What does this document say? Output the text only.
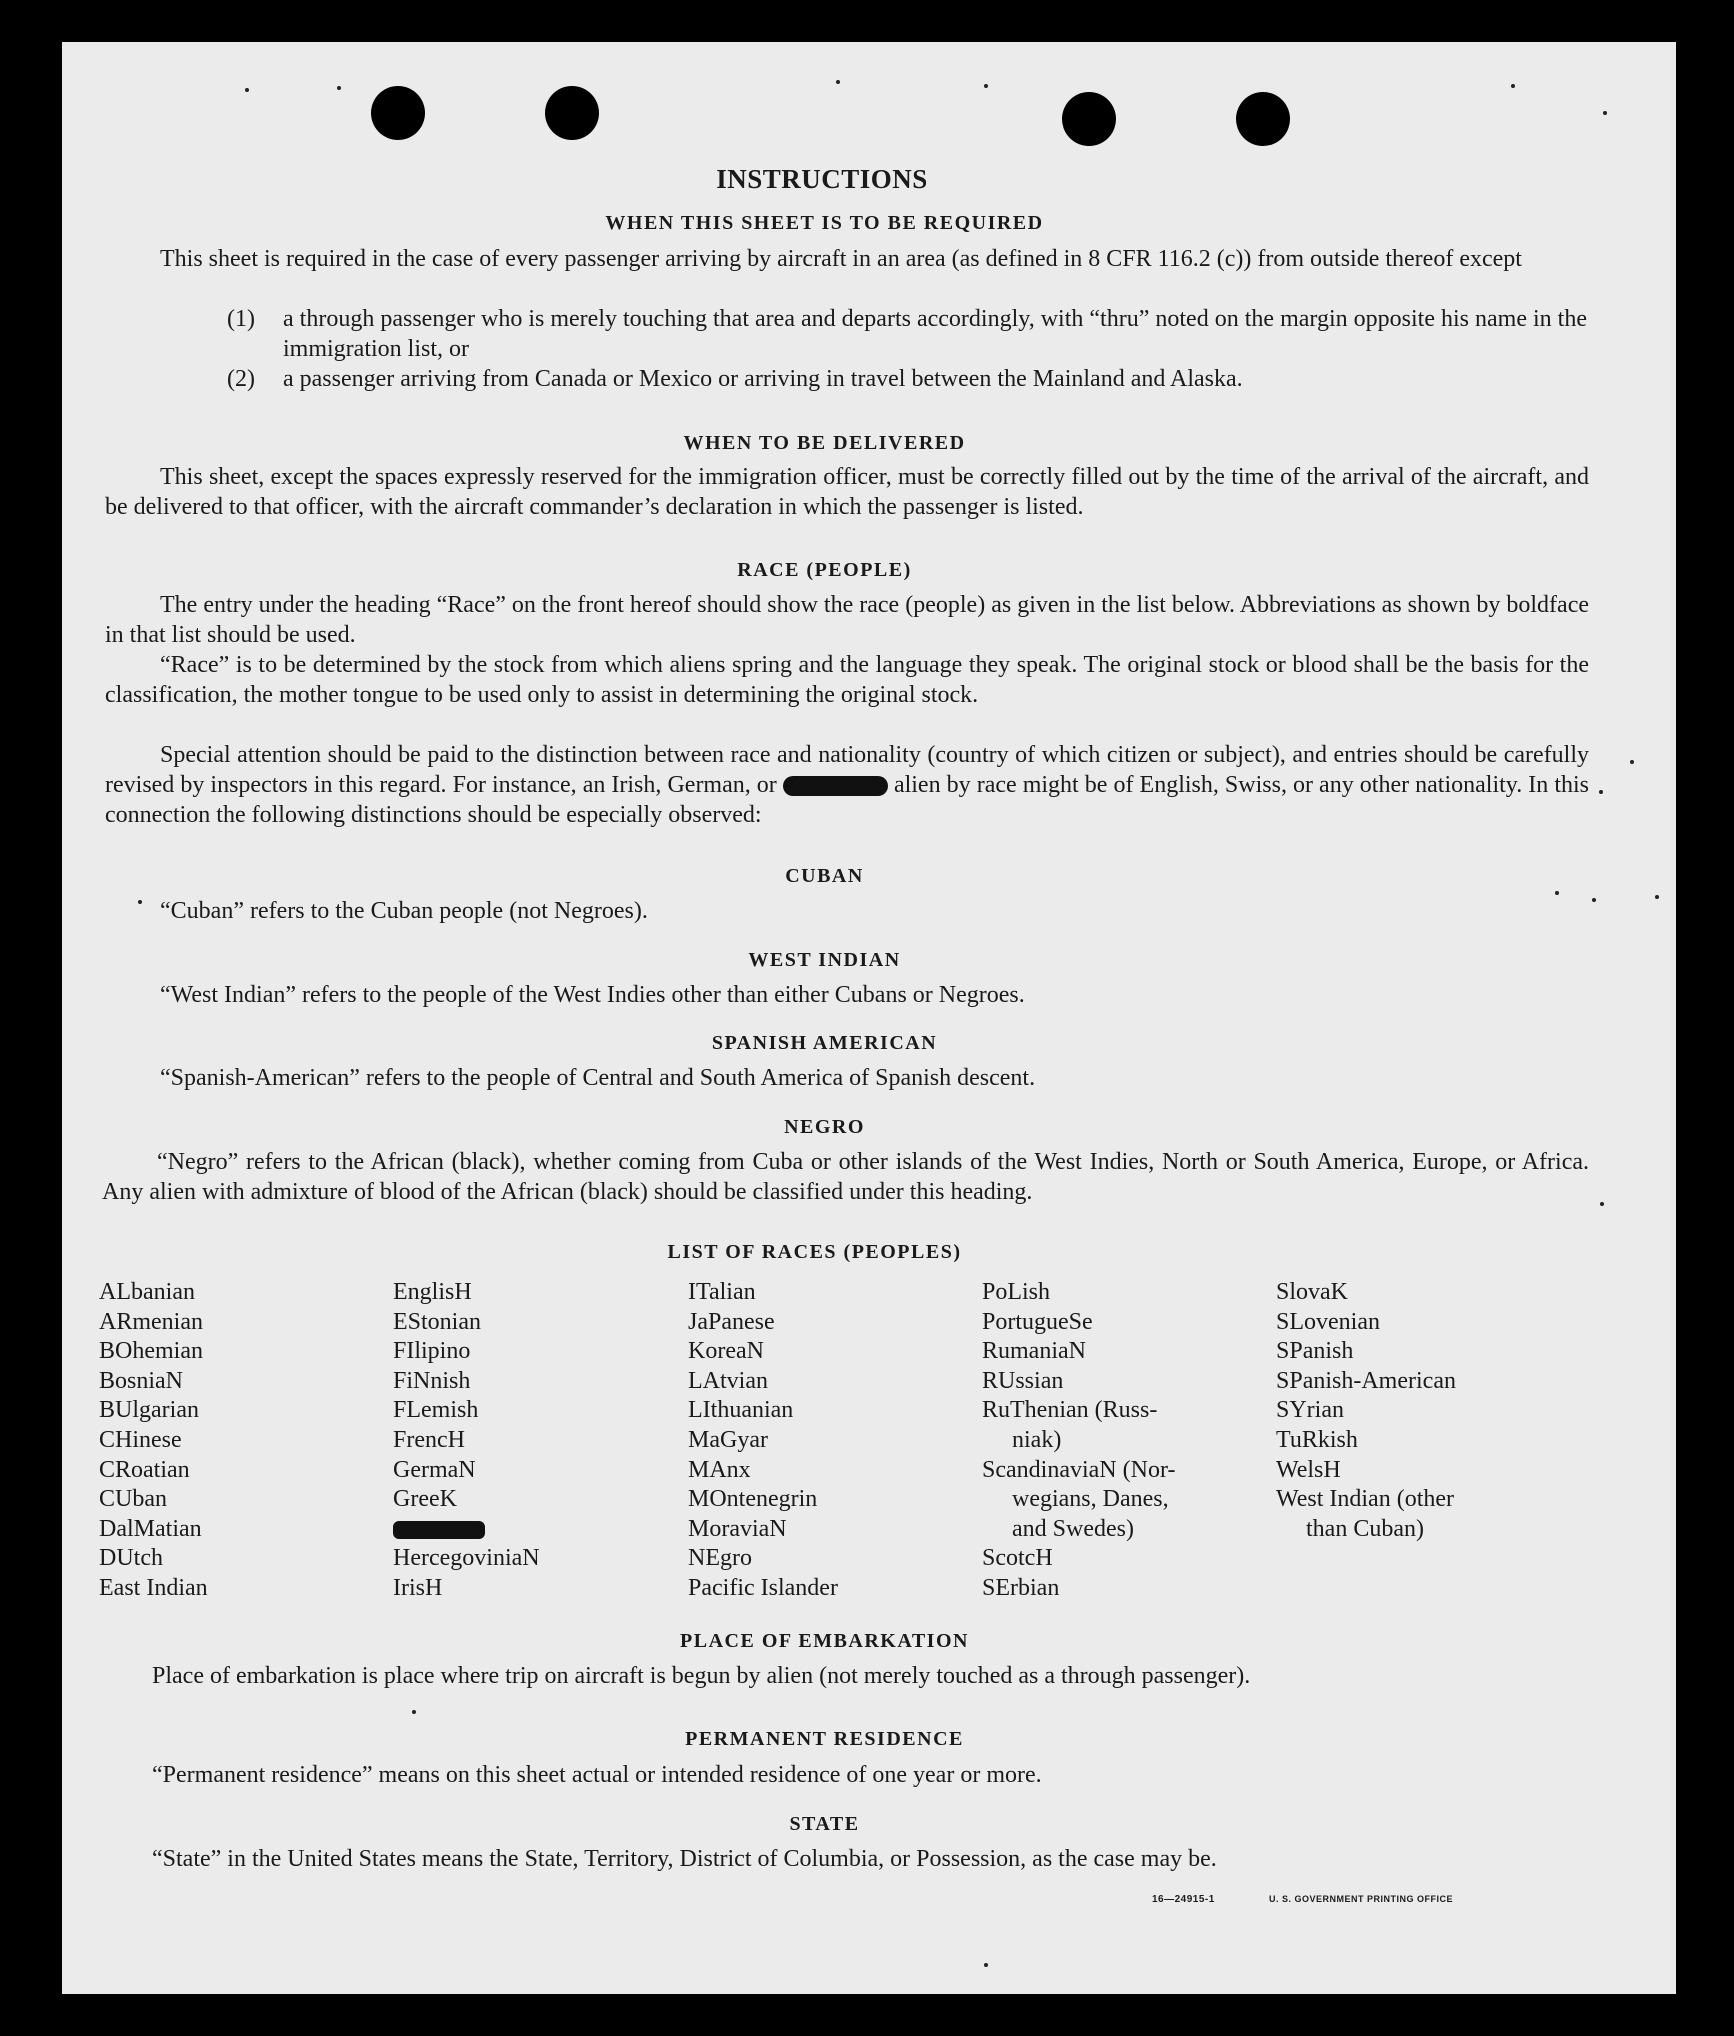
INSTRUCTIONS
WHEN THIS SHEET IS TO BE REQUIRED
This sheet is required in the case of every passenger arriving by aircraft in an area (as defined in 8 CFR 116.2 (c)) from outside thereof except
(1) a through passenger who is merely touching that area and departs accordingly, with “thru” noted on the margin opposite his name in the immigration list, or
(2) a passenger arriving from Canada or Mexico or arriving in travel between the Mainland and Alaska.
WHEN TO BE DELIVERED
This sheet, except the spaces expressly reserved for the immigration officer, must be correctly filled out by the time of the arrival of the aircraft, and be delivered to that officer, with the aircraft commander’s declaration in which the passenger is listed.
RACE (PEOPLE)
The entry under the heading “Race” on the front hereof should show the race (people) as given in the list below. Abbreviations as shown by boldface in that list should be used.
“Race” is to be determined by the stock from which aliens spring and the language they speak. The original stock or blood shall be the basis for the classification, the mother tongue to be used only to assist in determining the original stock.
Special attention should be paid to the distinction between race and nationality (country of which citizen or subject), and entries should be carefully revised by inspectors in this regard. For instance, an Irish, German, or	alien by race might be of English, Swiss, or any other nationality. In this connection the following distinctions should be especially observed:
CUBAN
“Cuban” refers to the Cuban people (not Negroes).
WEST INDIAN
“West Indian” refers to the people of the West Indies other than either Cubans or Negroes.
SPANISH AMERICAN
“Spanish-American” refers to the people of Central and South America of Spanish descent.
NEGRO
“Negro” refers to the African (black), whether coming from Cuba or other islands of the West Indies, North or South America, Europe, or Africa. Any alien with admixture of blood of the African (black) should be classified under this heading.
LIST OF RACES (PEOPLES)
ALbanian
ARmenian
BOhemian
BosniaN
BUlgarian
CHinese
CRoatian
CUban
DalMatian
DUtch
East Indian
EnglisH
EStonian
FIlipino
FiNnish
FLemish
FrencH
GermaN
GreeK
HercegoviniaN
IrisH
ITalian
JaPanese
KoreaN
LAtvian
LIthuanian
MaGyar
MAnx
MOntenegrin
MoraviaN
NEgro
Pacific Islander
PoLish
PortugueSe
RumaniaN
RUssian
RuThenian (Russ-
niak)
ScandinaviaN (Nor-
wegians, Danes,
and Swedes)
ScotcH
SErbian
SlovaK
SLovenian
SPanish
SPanish-American
SYrian
TuRkish
WelsH
West Indian (other
than Cuban)
PLACE OF EMBARKATION
Place of embarkation is place where trip on aircraft is begun by alien (not merely touched as a through passenger).
PERMANENT RESIDENCE
“Permanent residence” means on this sheet actual or intended residence of one year or more.
STATE
“State” in the United States means the State, Territory, District of Columbia, or Possession, as the case may be.
16—24915-1	U. S. GOVERNMENT PRINTING OFFICE
